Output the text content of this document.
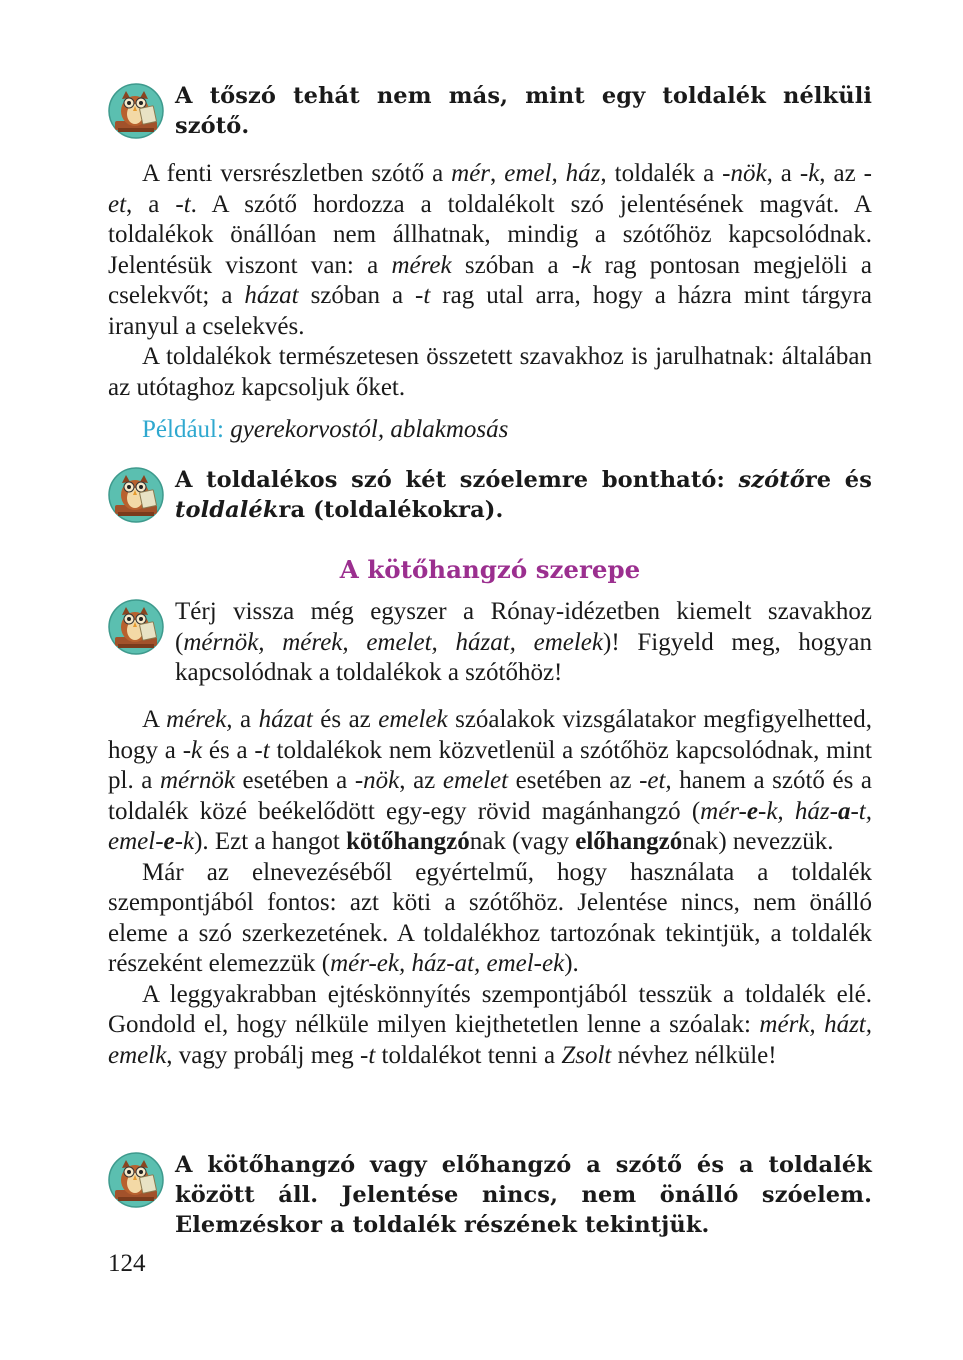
A tőszó tehát nem más, mint egy toldalék nélküli szótő.

A fenti versrészletben szótő a mér, emel, ház, toldalék a -nök, a -k, az -et, a -t. A szótő hordozza a toldalékolt szó jelentésének magvát. A toldalékok önállóan nem állhatnak, mindig a szótőhöz kapcsolódnak. Jelentésük viszont van: a mérek szóban a -k rag pontosan megjelöli a cselekvőt; a házat szóban a -t rag utal arra, hogy a házra mint tárgyra iranyul a cselekvés.

A toldalékok természetesen összetett szavakhoz is jarulhatnak: általában az utótaghoz kapcsoljuk őket.

Például: gyerekorvostól, ablakmosás

A toldalékos szó két szóelemre bontható: szótőre és toldalékra (toldalékokra).
A kötőhangzó szerepe
Térj vissza még egyszer a Rónay-idézetben kiemelt szavakhoz (mérnök, mérek, emelet, házat, emelek)! Figyeld meg, hogyan kapcsolódnak a toldalékok a szótőhöz!

A mérek, a házat és az emelek szóalakok vizsgálatakor megfigyelhetted, hogy a -k és a -t toldalékok nem közvetlenül a szótőhöz kapcsolódnak, mint pl. a mérnök esetében a -nök, az emelet esetében az -et, hanem a szótő és a toldalék közé beékelődött egy-egy rövid magánhangzó (mér-e-k, ház-a-t, emel-e-k). Ezt a hangot kötőhangzónak (vagy előhangzónak) nevezzük.

Már az elnevezéséből egyértelmű, hogy használata a toldalék szempontjából fontos: azt köti a szótőhöz. Jelentése nincs, nem önálló eleme a szó szerkezetének. A toldalékhoz tartozónak tekintjük, a toldalék részeként elemezzük (mér-ek, ház-at, emel-ek).

A leggyakrabban ejtéskönnyítés szempontjából tesszük a toldalék elé. Gondold el, hogy nélküle milyen kiejthetetlen lenne a szóalak: mérk, házt, emelk, vagy probálj meg -t toldalékot tenni a Zsolt névhez nélküle!

A kötőhangzó vagy előhangzó a szótő és a toldalék között áll. Jelentése nincs, nem önálló szóelem. Elemzéskor a toldalék részének tekintjük.
124
